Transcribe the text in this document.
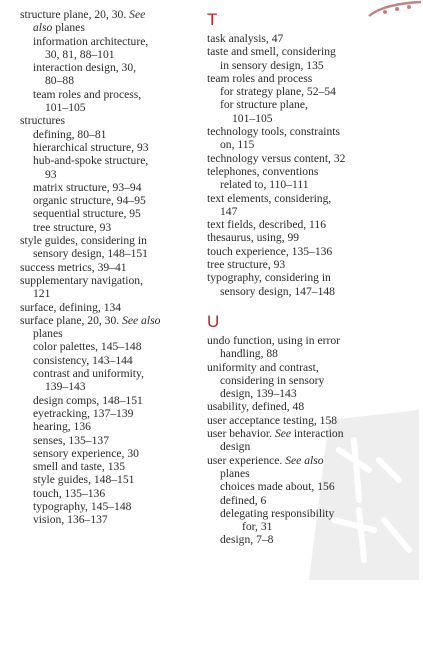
structure plane, 20, 30. See
also planes
information architecture,
30, 81, 88–101
interaction design, 30,
80–88
team roles and process,
101–105
structures
defining, 80–81
hierarchical structure, 93
hub-and-spoke structure,
93
matrix structure, 93–94
organic structure, 94–95
sequential structure, 95
tree structure, 93
style guides, considering in
sensory design, 148–151
success metrics, 39–41
supplementary navigation,
121
surface, defining, 134
surface plane, 20, 30. See also
planes
color palettes, 145–148
consistency, 143–144
contrast and uniformity,
139–143
design comps, 148–151
eyetracking, 137–139
hearing, 136
senses, 135–137
sensory experience, 30
smell and taste, 135
style guides, 148–151
touch, 135–136
typography, 145–148
vision, 136–137
T
task analysis, 47
taste and smell, considering
in sensory design, 135
team roles and process
for strategy plane, 52–54
for structure plane,
101–105
technology tools, constraints
on, 115
technology versus content, 32
telephones, conventions
related to, 110–111
text elements, considering,
147
text fields, described, 116
thesaurus, using, 99
touch experience, 135–136
tree structure, 93
typography, considering in
sensory design, 147–148
U
undo function, using in error
handling, 88
uniformity and contrast,
considering in sensory
design, 139–143
usability, defined, 48
user acceptance testing, 158
user behavior. See interaction
design
user experience. See also
planes
choices made about, 156
defined, 6
delegating responsibility
for, 31
design, 7–8
